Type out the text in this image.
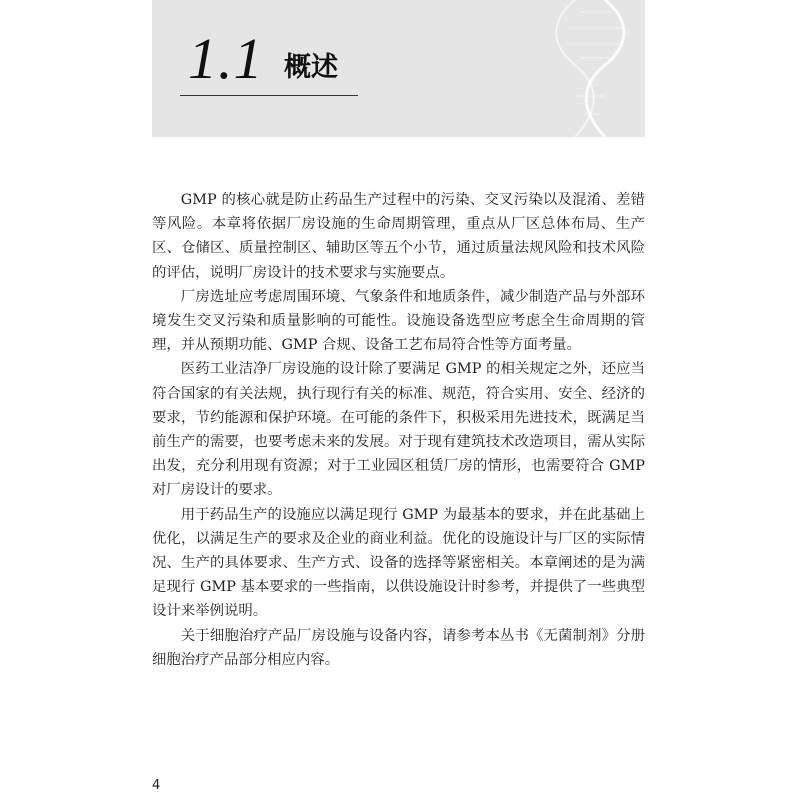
1.1 概述

GMP 的核心就是防止药品生产过程中的污染、交叉污染以及混淆、差错等风险。本章将依据厂房设施的生命周期管理，重点从厂区总体布局、生产区、仓储区、质量控制区、辅助区等五个小节，通过质量法规风险和技术风险的评估，说明厂房设计的技术要求与实施要点。

厂房选址应考虑周围环境、气象条件和地质条件，减少制造产品与外部环境发生交叉污染和质量影响的可能性。设施设备选型应考虑全生命周期的管理，并从预期功能、GMP 合规、设备工艺布局符合性等方面考量。

医药工业洁净厂房设施的设计除了要满足 GMP 的相关规定之外，还应当符合国家的有关法规，执行现行有关的标准、规范，符合实用、安全、经济的要求，节约能源和保护环境。在可能的条件下，积极采用先进技术，既满足当前生产的需要，也要考虑未来的发展。对于现有建筑技术改造项目，需从实际出发，充分利用现有资源；对于工业园区租赁厂房的情形，也需要符合 GMP 对厂房设计的要求。

用于药品生产的设施应以满足现行 GMP 为最基本的要求，并在此基础上优化，以满足生产的要求及企业的商业利益。优化的设施设计与厂区的实际情况、生产的具体要求、生产方式、设备的选择等紧密相关。本章阐述的是为满足现行 GMP 基本要求的一些指南，以供设施设计时参考，并提供了一些典型设计来举例说明。

关于细胞治疗产品厂房设施与设备内容，请参考本丛书《无菌制剂》分册细胞治疗产品部分相应内容。

4
